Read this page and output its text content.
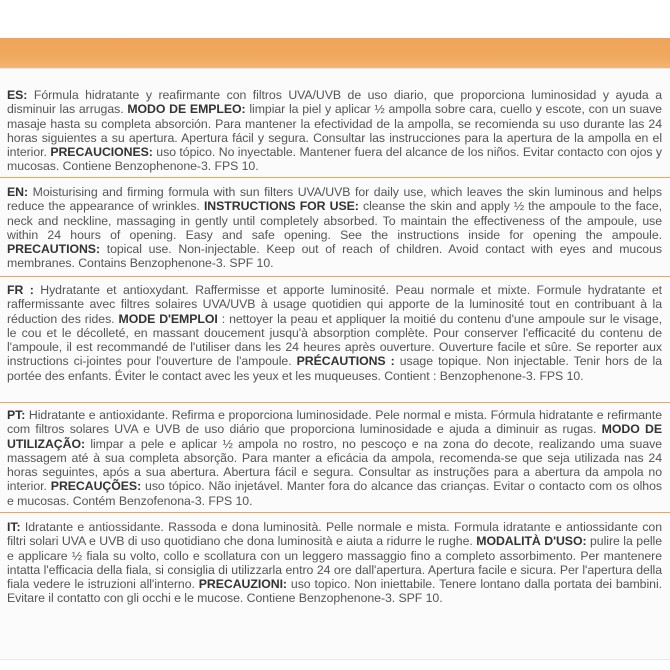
ES: Fórmula hidratante y reafirmante con filtros UVA/UVB de uso diario, que proporciona luminosidad y ayuda a disminuir las arrugas. MODO DE EMPLEO: limpiar la piel y aplicar ½ ampolla sobre cara, cuello y escote, con un suave masaje hasta su completa absorción. Para mantener la efectividad de la ampolla, se recomienda su uso durante las 24 horas siguientes a su apertura. Apertura fácil y segura. Consultar las instrucciones para la apertura de la ampolla en el interior. PRECAUCIONES: uso tópico. No inyectable. Mantener fuera del alcance de los niños. Evitar contacto con ojos y mucosas. Contiene Benzophenone-3. FPS 10.

EN: Moisturising and firming formula with sun filters UVA/UVB for daily use, which leaves the skin luminous and helps reduce the appearance of wrinkles. INSTRUCTIONS FOR USE: cleanse the skin and apply ½ the ampoule to the face, neck and neckline, massaging in gently until completely absorbed. To maintain the effectiveness of the ampoule, use within 24 hours of opening. Easy and safe opening. See the instructions inside for opening the ampoule. PRECAUTIONS: topical use. Non-injectable. Keep out of reach of children. Avoid contact with eyes and mucous membranes. Contains Benzophenone-3. SPF 10.

FR : Hydratante et antioxydant. Raffermisse et apporte luminosité. Peau normale et mixte. Formule hydratante et raffermissante avec filtres solaires UVA/UVB à usage quotidien qui apporte de la luminosité tout en contribuant à la réduction des rides. MODE D'EMPLOI : nettoyer la peau et appliquer la moitié du contenu d'une ampoule sur le visage, le cou et le décolleté, en massant doucement jusqu'à absorption complète. Pour conserver l'efficacité du contenu de l'ampoule, il est recommandé de l'utiliser dans les 24 heures après ouverture. Ouverture facile et sûre. Se reporter aux instructions ci-jointes pour l'ouverture de l'ampoule. PRÉCAUTIONS : usage topique. Non injectable. Tenir hors de la portée des enfants. Éviter le contact avec les yeux et les muqueuses. Contient : Benzophenone-3. FPS 10.

PT: Hidratante e antioxidante. Refirma e proporciona luminosidade. Pele normal e mista. Fórmula hidratante e refirmante com filtros solares UVA e UVB de uso diário que proporciona luminosidade e ajuda a diminuir as rugas. MODO DE UTILIZAÇÃO: limpar a pele e aplicar ½ ampola no rostro, no pescoço e na zona do decote, realizando uma suave massagem até à sua completa absorção. Para manter a eficácia da ampola, recomenda-se que seja utilizada nas 24 horas seguintes, após a sua abertura. Abertura fácil e segura. Consultar as instruções para a abertura da ampola no interior. PRECAUÇÕES: uso tópico. Não injetável. Manter fora do alcance das crianças. Evitar o contacto com os olhos e mucosas. Contém Benzofenona-3. FPS 10.

IT: Idratante e antiossidante. Rassoda e dona luminosità. Pelle normale e mista. Formula idratante e antiossidante con filtri solari UVA e UVB di uso quotidiano che dona luminosità e aiuta a ridurre le rughe. MODALITÀ D'USO: pulire la pelle e applicare ½ fiala su volto, collo e scollatura con un leggero massaggio fino a completo assorbimento. Per mantenere intatta l'efficacia della fiala, si consiglia di utilizzarla entro 24 ore dall'apertura. Apertura facile e sicura. Per l'apertura della fiala vedere le istruzioni all'interno. PRECAUZIONI: uso topico. Non iniettabile. Tenere lontano dalla portata dei bambini. Evitare il contatto con gli occhi e le mucose. Contiene Benzophenone-3. SPF 10.
